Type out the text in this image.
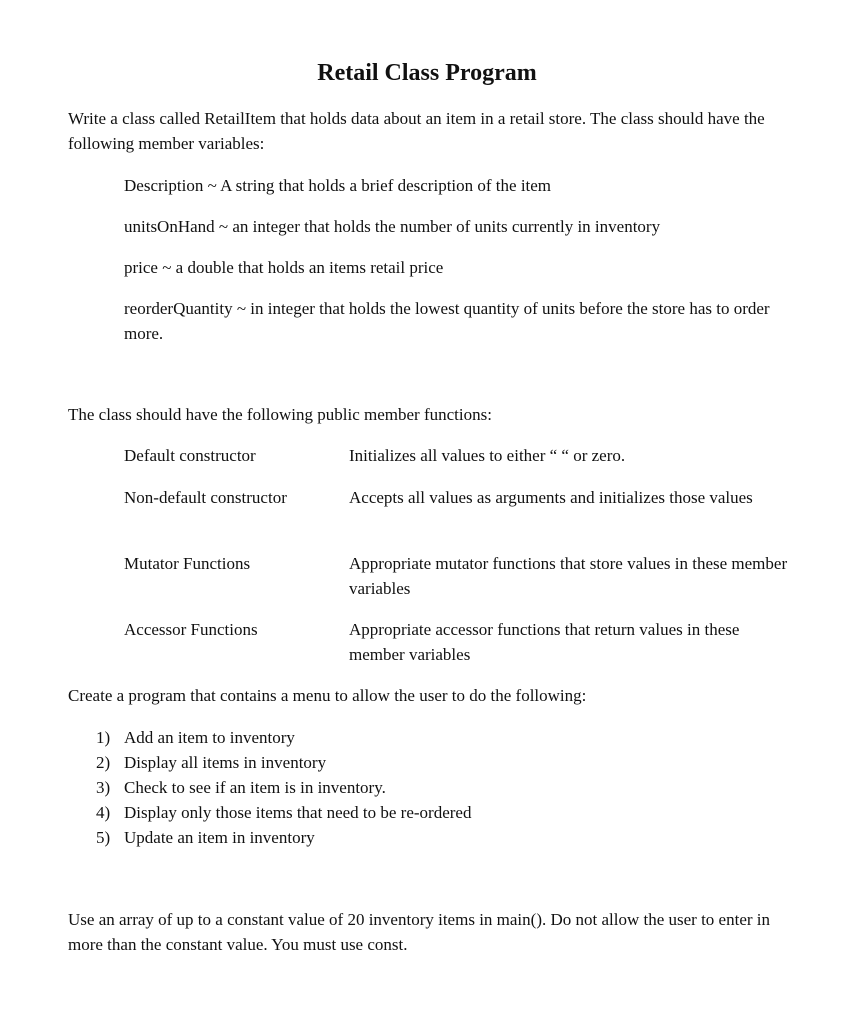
Retail Class Program

Write a class called RetailItem that holds data about an item in a retail store. The class should have the following member variables:

Description ~ A string that holds a brief description of the item

unitsOnHand ~ an integer that holds the number of units currently in inventory

price ~ a double that holds an items retail price

reorderQuantity ~ in integer that holds the lowest quantity of units before the store has to order more.

The class should have the following public member functions:

Default constructor	Initializes all values to either “ “ or zero.
Non-default constructor	Accepts all values as arguments and initializes those values
Mutator Functions	Appropriate mutator functions that store values in these member variables
Accessor Functions	Appropriate accessor functions that return values in these member variables

Create a program that contains a menu to allow the user to do the following:

1) Add an item to inventory
2) Display all items in inventory
3) Check to see if an item is in inventory.
4) Display only those items that need to be re-ordered
5) Update an item in inventory

Use an array of up to a constant value of 20 inventory items in main(). Do not allow the user to enter in more than the constant value. You must use const.
